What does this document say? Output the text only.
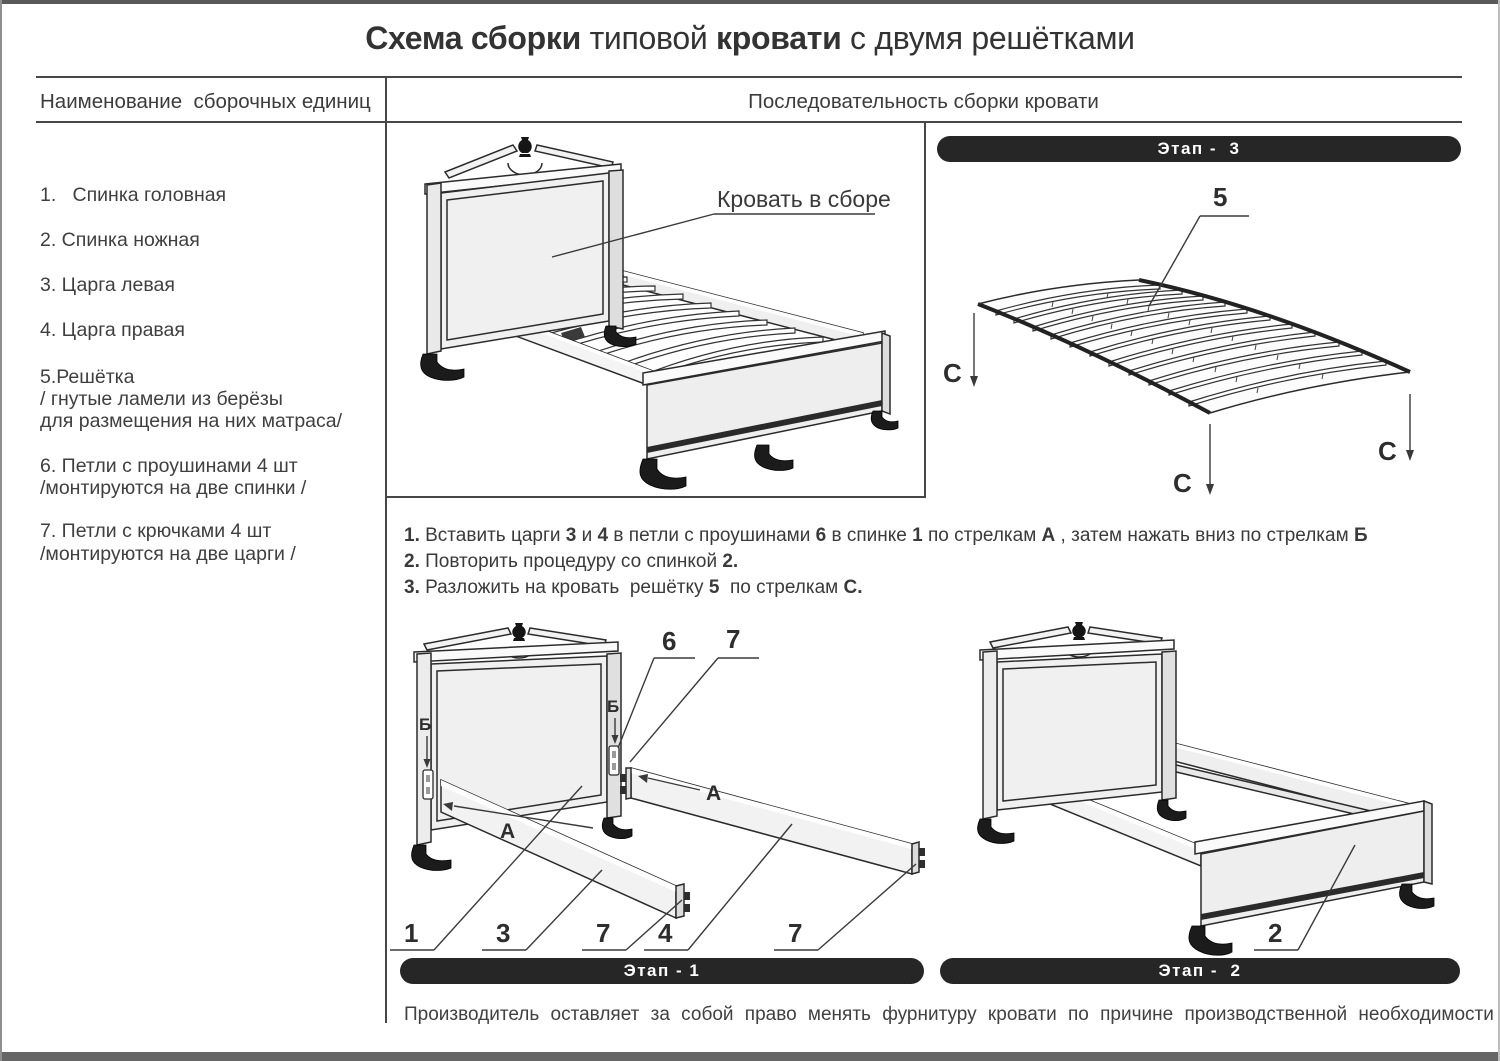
Схема сборки типовой кровати с двумя решётками
Наименование  сборочных единиц	Последовательность сборки кровати
1.   Спинка головная
2. Спинка ножная
3. Царга левая
4. Царга правая
5.Решётка
/ гнутые ламели из берёзы
для размещения на них матраса/
6. Петли с проушинами 4 шт
/монтируются на две спинки /
7. Петли с крючками 4 шт
/монтируются на две царги /
Кровать в сборе
Этап -  3
5
C
C
C
1. Вставить царги 3 и 4 в петли с проушинами 6 в спинке 1 по стрелкам А , затем нажать вниз по стрелкам Б
2. Повторить процедуру со спинкой 2.
3. Разложить на кровать  решётку 5  по стрелкам С.
Б
Б
А
А
6 7
1	3	7 4	7	2
Этап - 1	Этап -  2
Производитель оставляет за собой право менять фурнитуру кровати по причине производственной необходимости
